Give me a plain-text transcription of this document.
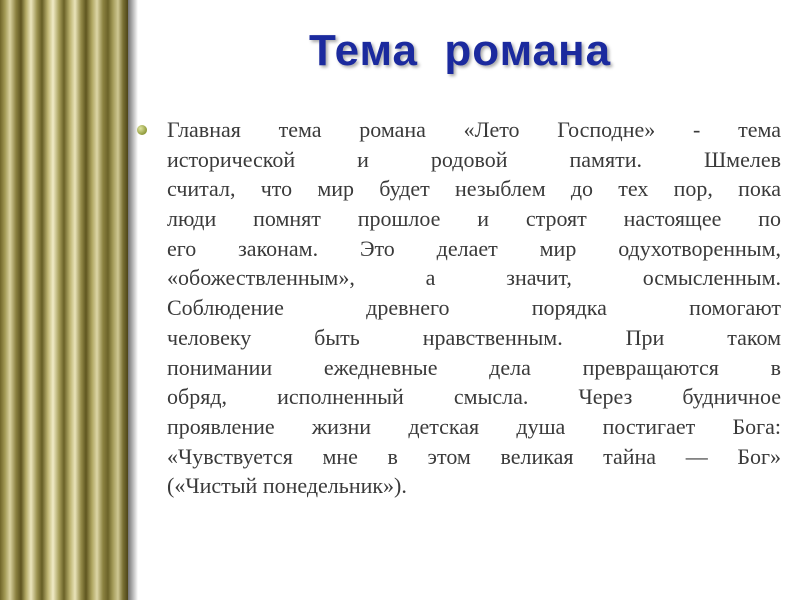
Тема  романа
Главная тема романа «Лето Господне» - тема
исторической и родовой памяти. Шмелев
считал, что мир будет незыблем до тех пор, пока
люди помнят прошлое и строят настоящее по
его законам. Это делает мир одухотворенным,
«обожествленным», а значит, осмысленным.
Соблюдение древнего порядка помогают
человеку быть нравственным. При таком
понимании ежедневные дела превращаются в
обряд, исполненный смысла. Через будничное
проявление жизни детская душа постигает Бога:
«Чувствуется мне в этом великая тайна — Бог»
(«Чистый понедельник»).
